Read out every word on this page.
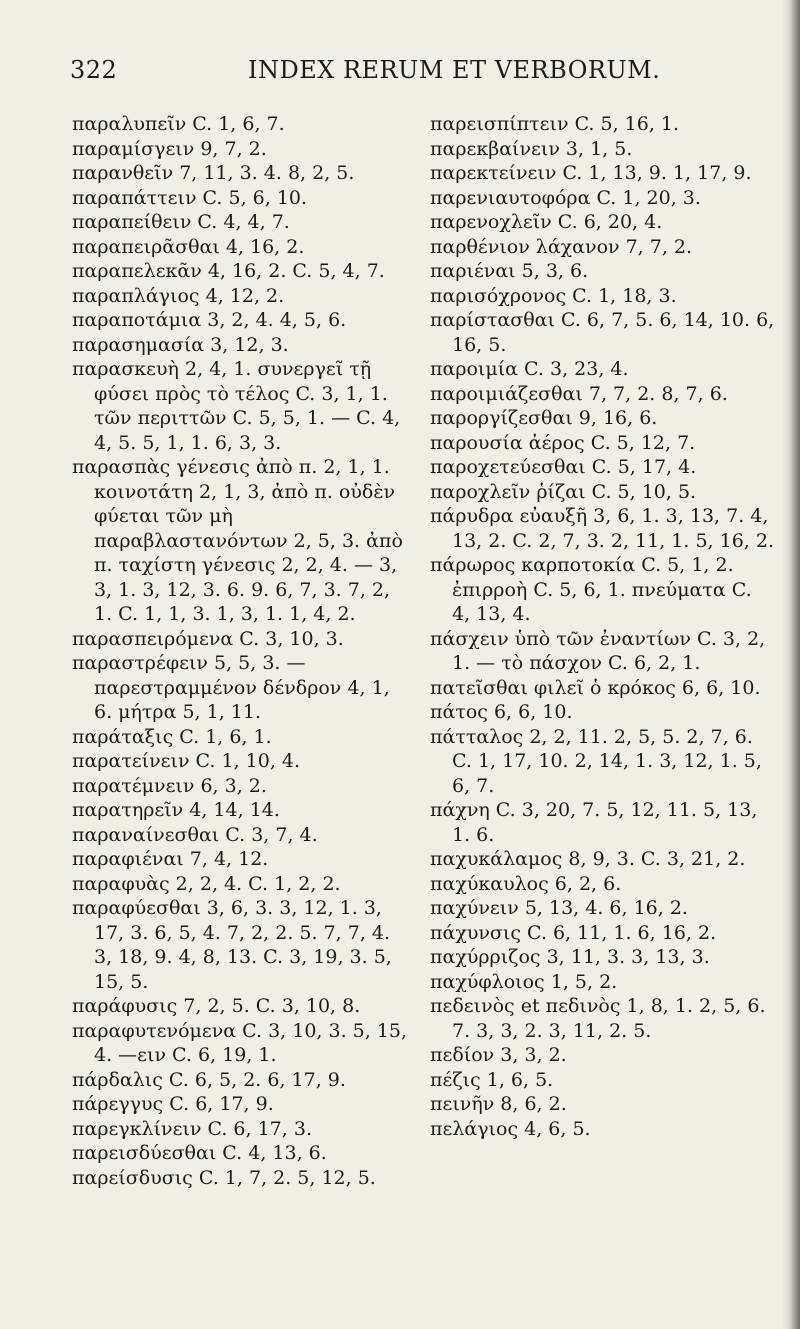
322	INDEX RERUM ET VERBORUM.
παραλυπεῖν C. 1, 6, 7.
παραμίσγειν 9, 7, 2.
παρανθεῖν 7, 11, 3. 4. 8, 2, 5.
παραπάττειν C. 5, 6, 10.
παραπείθειν C. 4, 4, 7.
παραπειρᾶσθαι 4, 16, 2.
παραπελεκᾶν 4, 16, 2. C. 5, 4, 7.
παραπλάγιος 4, 12, 2.
παραποτάμια 3, 2, 4. 4, 5, 6.
παρασημασία 3, 12, 3.
παρασκευὴ 2, 4, 1. συνεργεῖ τῇ φύσει πρὸς τὸ τέλος C. 3, 1, 1. τῶν περιττῶν C. 5, 5, 1. — C. 4, 4, 5. 5, 1, 1. 6, 3, 3.
παρασπὰς γένεσις ἀπὸ π. 2, 1, 1. κοινοτάτη 2, 1, 3, ἀπὸ π. οὐδὲν φύεται τῶν μὴ παραβλαστανόντων 2, 5, 3. ἀπὸ π. ταχίστη γένεσις 2, 2, 4. — 3, 3, 1. 3, 12, 3. 6. 9. 6, 7, 3. 7, 2, 1. C. 1, 1, 3. 1, 3, 1. 1, 4, 2.
παρασπειρόμενα C. 3, 10, 3.
παραστρέφειν 5, 5, 3. — παρεστραμμένον δένδρον 4, 1, 6. μήτρα 5, 1, 11.
παράταξις C. 1, 6, 1.
παρατείνειν C. 1, 10, 4.
παρατέμνειν 6, 3, 2.
παρατηρεῖν 4, 14, 14.
παραναίνεσθαι C. 3, 7, 4.
παραφιέναι 7, 4, 12.
παραφυὰς 2, 2, 4. C. 1, 2, 2.
παραφύεσθαι 3, 6, 3. 3, 12, 1. 3, 17, 3. 6, 5, 4. 7, 2, 2. 5. 7, 7, 4. 3, 18, 9. 4, 8, 13. C. 3, 19, 3. 5, 15, 5.
παράφυσις 7, 2, 5. C. 3, 10, 8.
παραφυτενόμενα C. 3, 10, 3. 5, 15, 4. —ειν C. 6, 19, 1.
πάρδαλις C. 6, 5, 2. 6, 17, 9.
πάρεγγυς C. 6, 17, 9.
παρεγκλίνειν C. 6, 17, 3.
παρεισδύεσθαι C. 4, 13, 6.
παρείσδυσις C. 1, 7, 2. 5, 12, 5.
παρεισπίπτειν C. 5, 16, 1.
παρεκβαίνειν 3, 1, 5.
παρεκτείνειν C. 1, 13, 9. 1, 17, 9.
παρενιαυτοφόρα C. 1, 20, 3.
παρενοχλεῖν C. 6, 20, 4.
παρθένιον λάχανον 7, 7, 2.
παριέναι 5, 3, 6.
παρισόχρονος C. 1, 18, 3.
παρίστασθαι C. 6, 7, 5. 6, 14, 10. 6, 16, 5.
παροιμία C. 3, 23, 4.
παροιμιάζεσθαι 7, 7, 2. 8, 7, 6.
παροργίζεσθαι 9, 16, 6.
παρουσία ἀέρος C. 5, 12, 7.
παροχετεύεσθαι C. 5, 17, 4.
παροχλεῖν ῥίζαι C. 5, 10, 5.
πάρυδρα εὐαυξῆ 3, 6, 1. 3, 13, 7. 4, 13, 2. C. 2, 7, 3. 2, 11, 1. 5, 16, 2.
πάρωρος καρποτοκία C. 5, 1, 2. ἐπιρροὴ C. 5, 6, 1. πνεύματα C. 4, 13, 4.
πάσχειν ὑπὸ τῶν ἐναντίων C. 3, 2, 1. — τὸ πάσχον C. 6, 2, 1.
πατεῖσθαι φιλεῖ ὁ κρόκος 6, 6, 10.
πάτος 6, 6, 10.
πάτταλος 2, 2, 11. 2, 5, 5. 2, 7, 6. C. 1, 17, 10. 2, 14, 1. 3, 12, 1. 5, 6, 7.
πάχνη C. 3, 20, 7. 5, 12, 11. 5, 13, 1. 6.
παχυκάλαμος 8, 9, 3. C. 3, 21, 2.
παχύκαυλος 6, 2, 6.
παχύνειν 5, 13, 4. 6, 16, 2.
πάχυνσις C. 6, 11, 1. 6, 16, 2.
παχύρριζος 3, 11, 3. 3, 13, 3.
παχύφλοιος 1, 5, 2.
πεδεινὸς et πεδινὸς 1, 8, 1. 2, 5, 6. 7. 3, 3, 2. 3, 11, 2. 5.
πεδίον 3, 3, 2.
πέζις 1, 6, 5.
πεινῆν 8, 6, 2.
πελάγιος 4, 6, 5.
